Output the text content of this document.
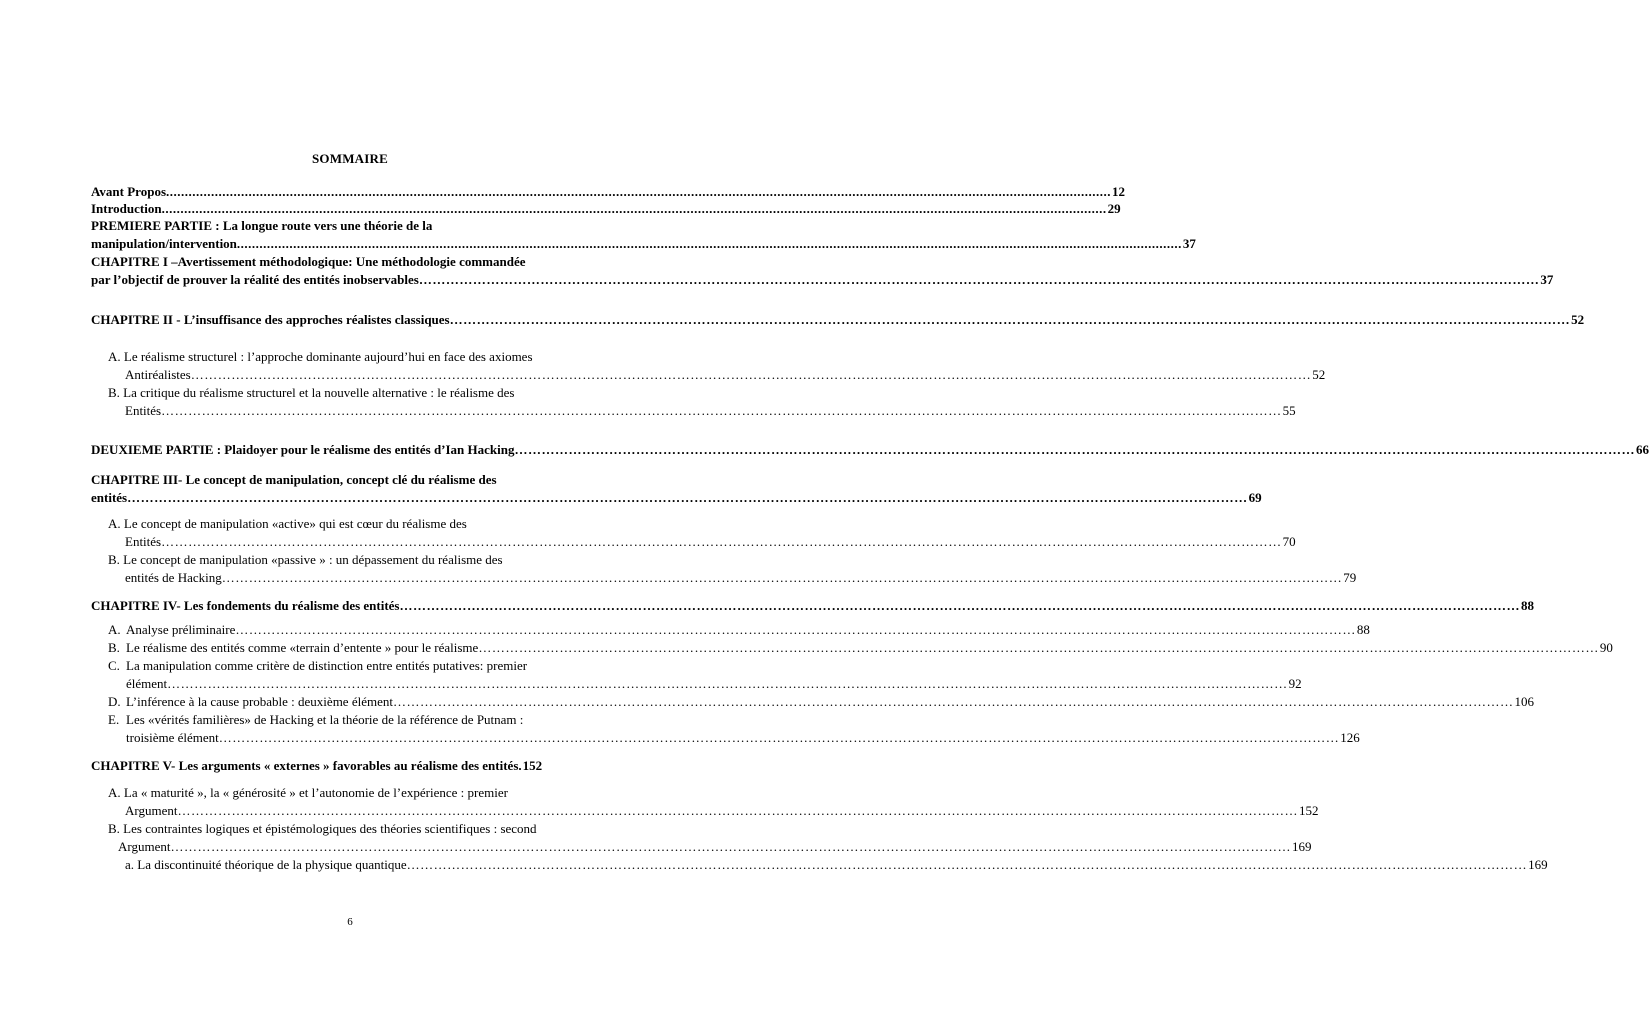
SOMMAIRE
Avant Propos ............................................................................................................................................................................................................................................................ 12
Introduction ............................................................................................................................................................................................................................................................ 29
PREMIERE PARTIE : La longue route vers une théorie de la
manipulation/intervention ............................................................................................................................................................................................................................................................ 37
CHAPITRE I –Avertissement méthodologique: Une méthodologie commandée
par l’objectif de prouver la réalité des entités inobservables …………………………………………………………………………………………………………………………………………………………………………………………………………………………… 37
CHAPITRE II - L’insuffisance des approches réalistes classiques …………………………………………………………………………………………………………………………………………………………………………………………………………………………… 52
A. Le réalisme structurel : l’approche dominante aujourd’hui en face des axiomes
Antiréalistes …………………………………………………………………………………………………………………………………………………………………………………………………………………………… 52
B. La critique du réalisme structurel et la nouvelle alternative : le réalisme des
Entités …………………………………………………………………………………………………………………………………………………………………………………………………………………………… 55
DEUXIEME PARTIE : Plaidoyer pour le réalisme des entités d’Ian Hacking …………………………………………………………………………………………………………………………………………………………………………………………………………………………… 66
CHAPITRE III- Le concept de manipulation, concept clé du réalisme des
entités …………………………………………………………………………………………………………………………………………………………………………………………………………………………… 69
A. Le concept de manipulation «active» qui est cœur du réalisme des
Entités …………………………………………………………………………………………………………………………………………………………………………………………………………………………… 70
B. Le concept de manipulation «passive » : un dépassement du réalisme des
entités de Hacking …………………………………………………………………………………………………………………………………………………………………………………………………………………………… 79
CHAPITRE IV- Les fondements du réalisme des entités …………………………………………………………………………………………………………………………………………………………………………………………………………………………… 88
A. Analyse préliminaire …………………………………………………………………………………………………………………………………………………………………………………………………………………………… 88
B. Le réalisme des entités comme «terrain d’entente » pour le réalisme …………………………………………………………………………………………………………………………………………………………………………………………………………………………… 90
C. La manipulation comme critère de distinction entre entités putatives: premier
élément …………………………………………………………………………………………………………………………………………………………………………………………………………………………… 92
D. L’inférence à la cause probable : deuxième élément …………………………………………………………………………………………………………………………………………………………………………………………………………………………… 106
E. Les «vérités familières» de Hacking et la théorie de la référence de Putnam :
troisième élément …………………………………………………………………………………………………………………………………………………………………………………………………………………………… 126
CHAPITRE V- Les arguments « externes » favorables au réalisme des entités. 152
A. La « maturité », la « générosité » et l’autonomie de l’expérience : premier
Argument …………………………………………………………………………………………………………………………………………………………………………………………………………………………… 152
B. Les contraintes logiques et épistémologiques des théories scientifiques : second
Argument …………………………………………………………………………………………………………………………………………………………………………………………………………………………… 169
a. La discontinuité théorique de la physique quantique …………………………………………………………………………………………………………………………………………………………………………………………………………………………… 169
6
